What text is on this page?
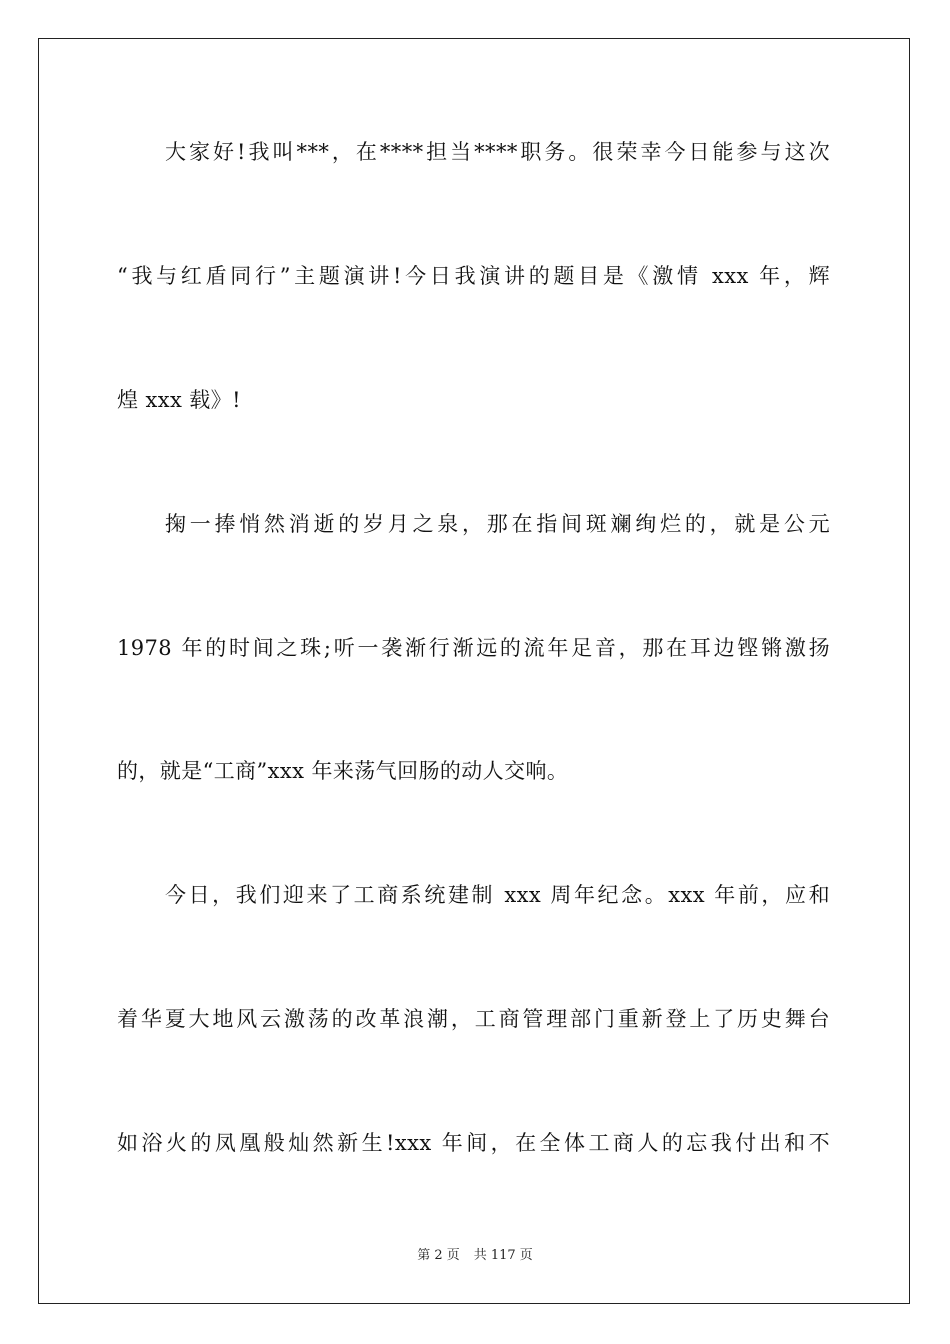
大家好!我叫***，在****担当****职务。很荣幸今日能参与这次
“我与红盾同行”主题演讲!今日我演讲的题目是《激情 xxx 年，辉
煌 xxx 载》!
掬一捧悄然消逝的岁月之泉，那在指间斑斓绚烂的，就是公元
1978 年的时间之珠;听一袭渐行渐远的流年足音，那在耳边铿锵激扬
的，就是“工商”xxx 年来荡气回肠的动人交响。
今日，我们迎来了工商系统建制 xxx 周年纪念。xxx 年前，应和
着华夏大地风云激荡的改革浪潮，工商管理部门重新登上了历史舞台
如浴火的凤凰般灿然新生!xxx 年间，在全体工商人的忘我付出和不
第 2 页 共 117 页
